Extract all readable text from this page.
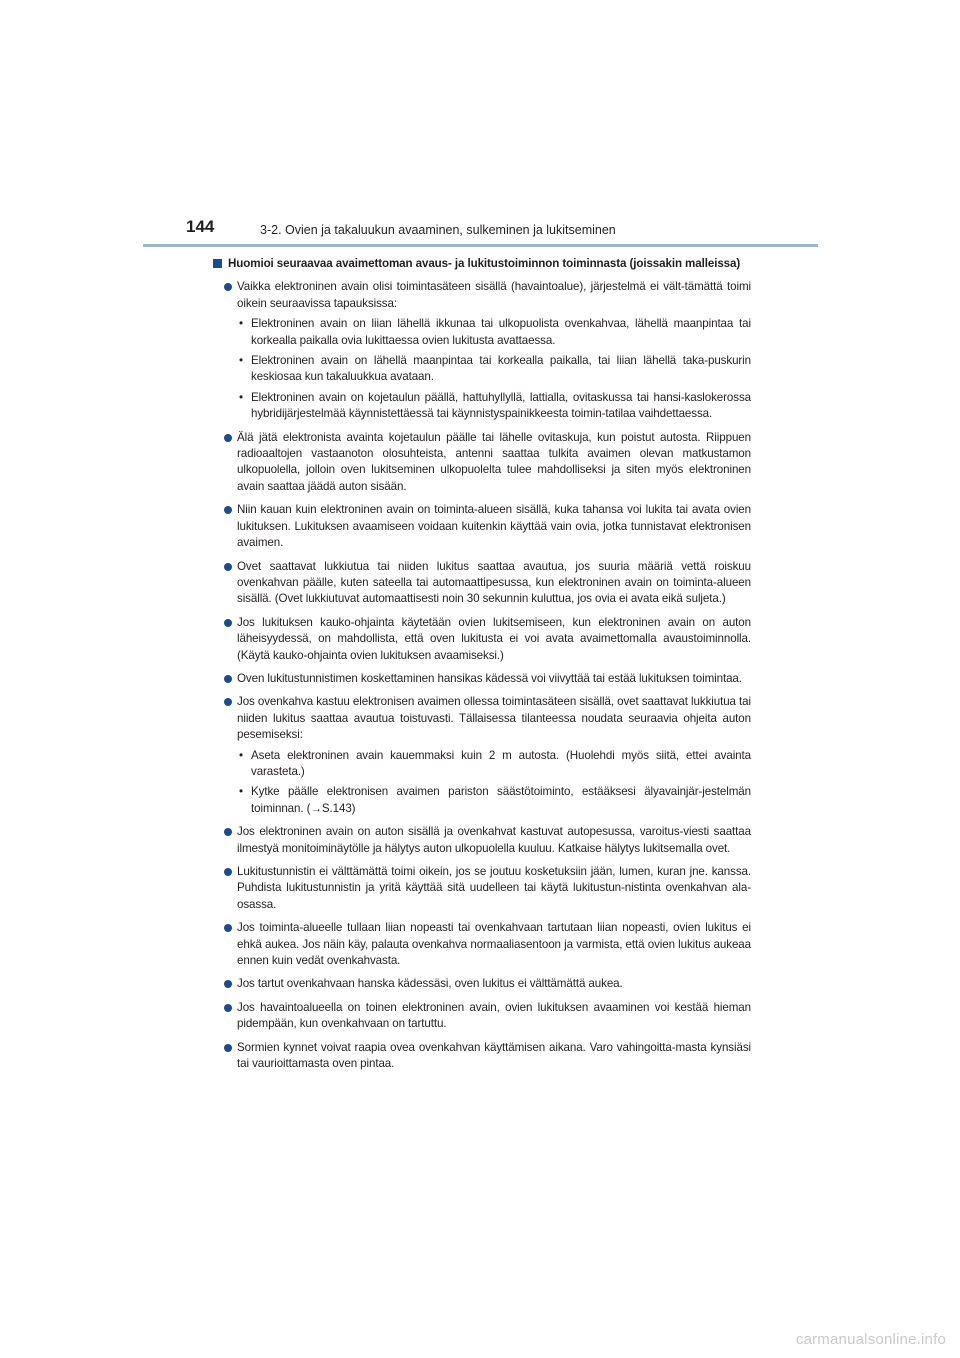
144	3-2. Ovien ja takaluukun avaaminen, sulkeminen ja lukitseminen
Huomioi seuraavaa avaimettoman avaus- ja lukitustoiminnon toiminnasta (joissakin malleissa)
Vaikka elektroninen avain olisi toimintasäteen sisällä (havaintoalue), järjestelmä ei vält-tämättä toimi oikein seuraavissa tapauksissa:
• Elektroninen avain on liian lähellä ikkunaa tai ulkopuolista ovenkahvaa, lähellä maanpintaa tai korkealla paikalla ovia lukittaessa ovien lukitusta avattaessa.
• Elektroninen avain on lähellä maanpintaa tai korkealla paikalla, tai liian lähellä taka-puskurin keskiosaa kun takaluukkua avataan.
• Elektroninen avain on kojetaulun päällä, hattuhyllyllä, lattialla, ovitaskussa tai hansi-kaslokerossa hybridijärjestelmää käynnistettäessä tai käynnistyspainikkeesta toimin-tatilaa vaihdettaessa.
Älä jätä elektronista avainta kojetaulun päälle tai lähelle ovitaskuja, kun poistut autosta. Riippuen radioaaltojen vastaanoton olosuhteista, antenni saattaa tulkita avaimen olevan matkustamon ulkopuolella, jolloin oven lukitseminen ulkopuolelta tulee mahdolliseksi ja siten myös elektroninen avain saattaa jäädä auton sisään.
Niin kauan kuin elektroninen avain on toiminta-alueen sisällä, kuka tahansa voi lukita tai avata ovien lukituksen. Lukituksen avaamiseen voidaan kuitenkin käyttää vain ovia, jotka tunnistavat elektronisen avaimen.
Ovet saattavat lukkiutua tai niiden lukitus saattaa avautua, jos suuria määriä vettä roiskuu ovenkahvan päälle, kuten sateella tai automaattipesussa, kun elektroninen avain on toiminta-alueen sisällä. (Ovet lukkiutuvat automaattisesti noin 30 sekunnin kuluttua, jos ovia ei avata eikä suljeta.)
Jos lukituksen kauko-ohjainta käytetään ovien lukitsemiseen, kun elektroninen avain on auton läheisyydessä, on mahdollista, että oven lukitusta ei voi avata avaimettomalla avaustoiminnolla. (Käytä kauko-ohjainta ovien lukituksen avaamiseksi.)
Oven lukitustunnistimen koskettaminen hansikas kädessä voi viivyttää tai estää lukituksen toimintaa.
Jos ovenkahva kastuu elektronisen avaimen ollessa toimintasäteen sisällä, ovet saattavat lukkiutua tai niiden lukitus saattaa avautua toistuvasti. Tällaisessa tilanteessa noudata seuraavia ohjeita auton pesemiseksi:
• Aseta elektroninen avain kauemmaksi kuin 2 m autosta. (Huolehdi myös siitä, ettei avainta varasteta.)
• Kytke päälle elektronisen avaimen pariston säästötoiminto, estääksesi älyavainjär-jestelmän toiminnan. (→S.143)
Jos elektroninen avain on auton sisällä ja ovenkahvat kastuvat autopesussa, varoitus-viesti saattaa ilmestyä monitoiminäytölle ja hälytys auton ulkopuolella kuuluu. Katkaise hälytys lukitsemalla ovet.
Lukitustunnistin ei välttämättä toimi oikein, jos se joutuu kosketuksiin jään, lumen, kuran jne. kanssa. Puhdista lukitustunnistin ja yritä käyttää sitä uudelleen tai käytä lukitustun-nistinta ovenkahvan ala-osassa.
Jos toiminta-alueelle tullaan liian nopeasti tai ovenkahvaan tartutaan liian nopeasti, ovien lukitus ei ehkä aukea. Jos näin käy, palauta ovenkahva normaaliasentoon ja varmista, että ovien lukitus aukeaa ennen kuin vedät ovenkahvasta.
Jos tartut ovenkahvaan hanska kädessäsi, oven lukitus ei välttämättä aukea.
Jos havaintoalueella on toinen elektroninen avain, ovien lukituksen avaaminen voi kestää hieman pidempään, kun ovenkahvaan on tartuttu.
Sormien kynnet voivat raapia ovea ovenkahvan käyttämisen aikana. Varo vahingoitta-masta kynsiäsi tai vaurioittamasta oven pintaa.
carmanualsonline.info
